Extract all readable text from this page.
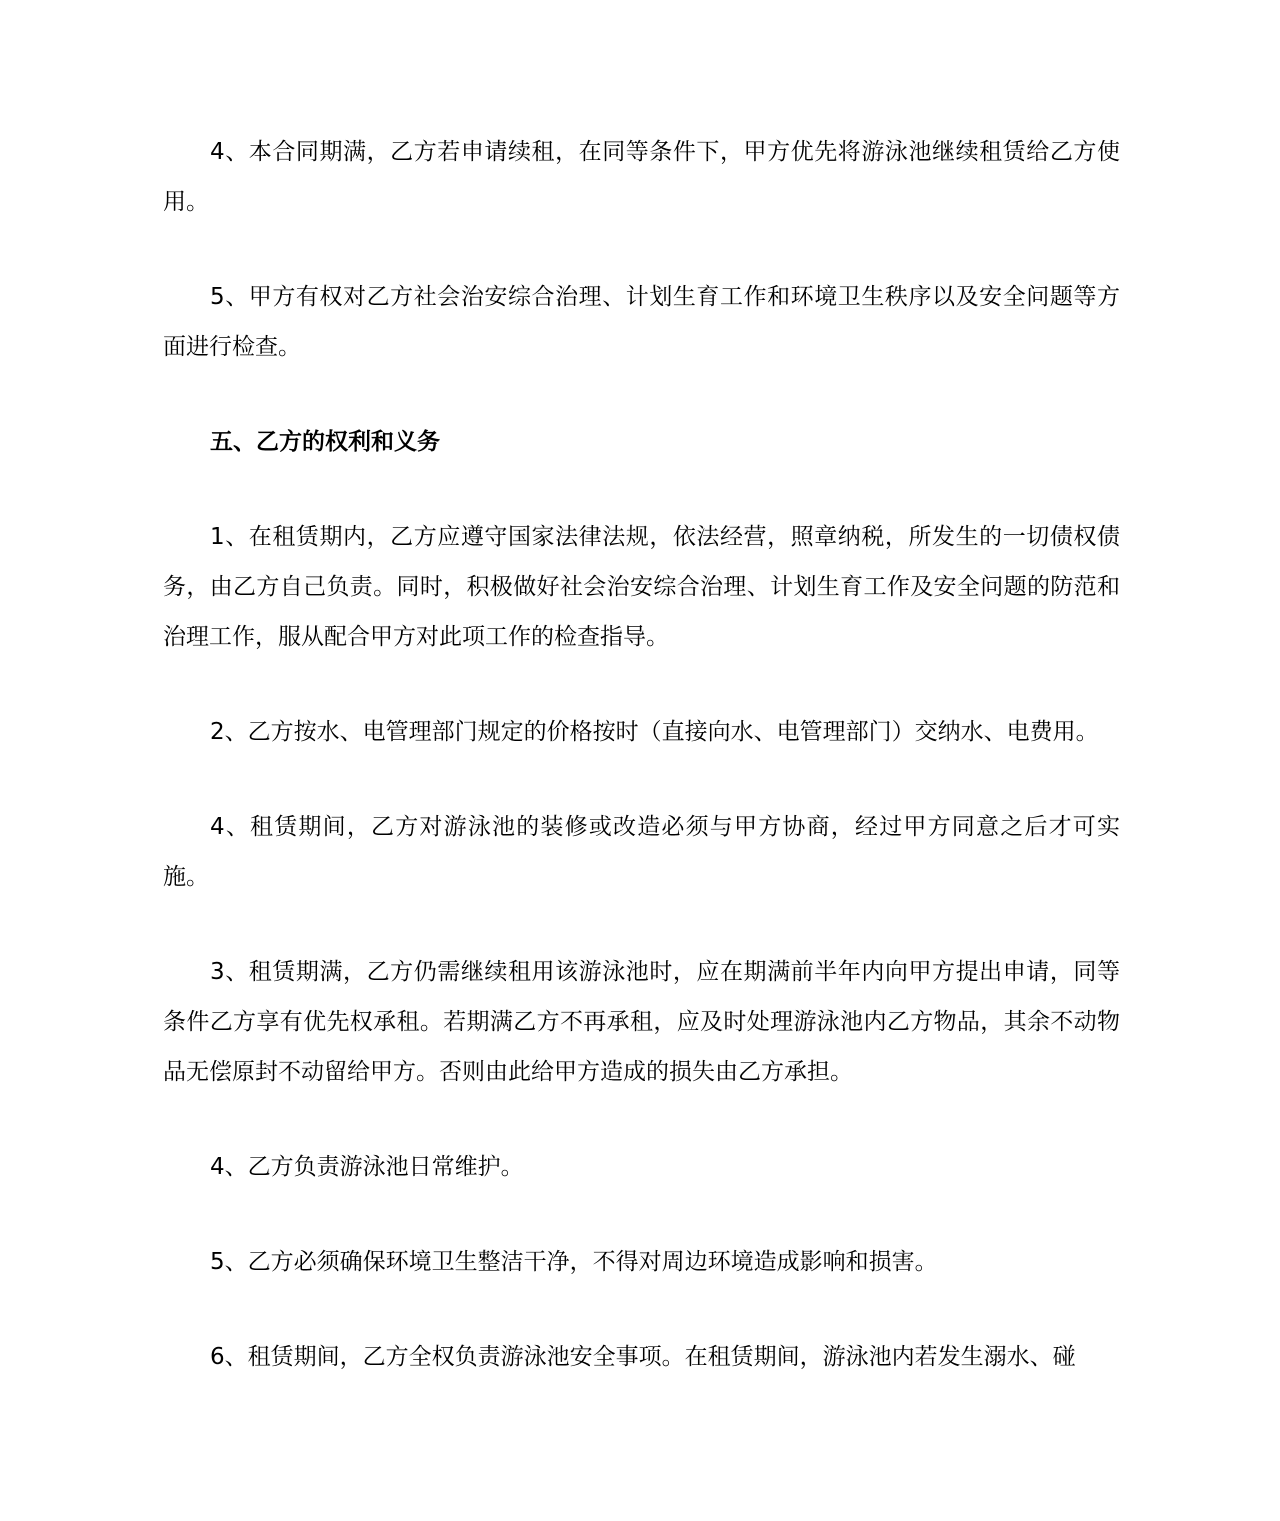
4、本合同期满，乙方若申请续租，在同等条件下，甲方优先将游泳池继续租赁给乙方使用。

5、甲方有权对乙方社会治安综合治理、计划生育工作和环境卫生秩序以及安全问题等方面进行检查。

五、乙方的权利和义务

1、在租赁期内，乙方应遵守国家法律法规，依法经营，照章纳税，所发生的一切债权债务，由乙方自己负责。同时，积极做好社会治安综合治理、计划生育工作及安全问题的防范和治理工作，服从配合甲方对此项工作的检查指导。

2、乙方按水、电管理部门规定的价格按时（直接向水、电管理部门）交纳水、电费用。

4、租赁期间，乙方对游泳池的装修或改造必须与甲方协商，经过甲方同意之后才可实施。

3、租赁期满，乙方仍需继续租用该游泳池时，应在期满前半年内向甲方提出申请，同等条件乙方享有优先权承租。若期满乙方不再承租，应及时处理游泳池内乙方物品，其余不动物品无偿原封不动留给甲方。否则由此给甲方造成的损失由乙方承担。

4、乙方负责游泳池日常维护。

5、乙方必须确保环境卫生整洁干净，不得对周边环境造成影响和损害。

6、租赁期间，乙方全权负责游泳池安全事项。在租赁期间，游泳池内若发生溺水、碰
